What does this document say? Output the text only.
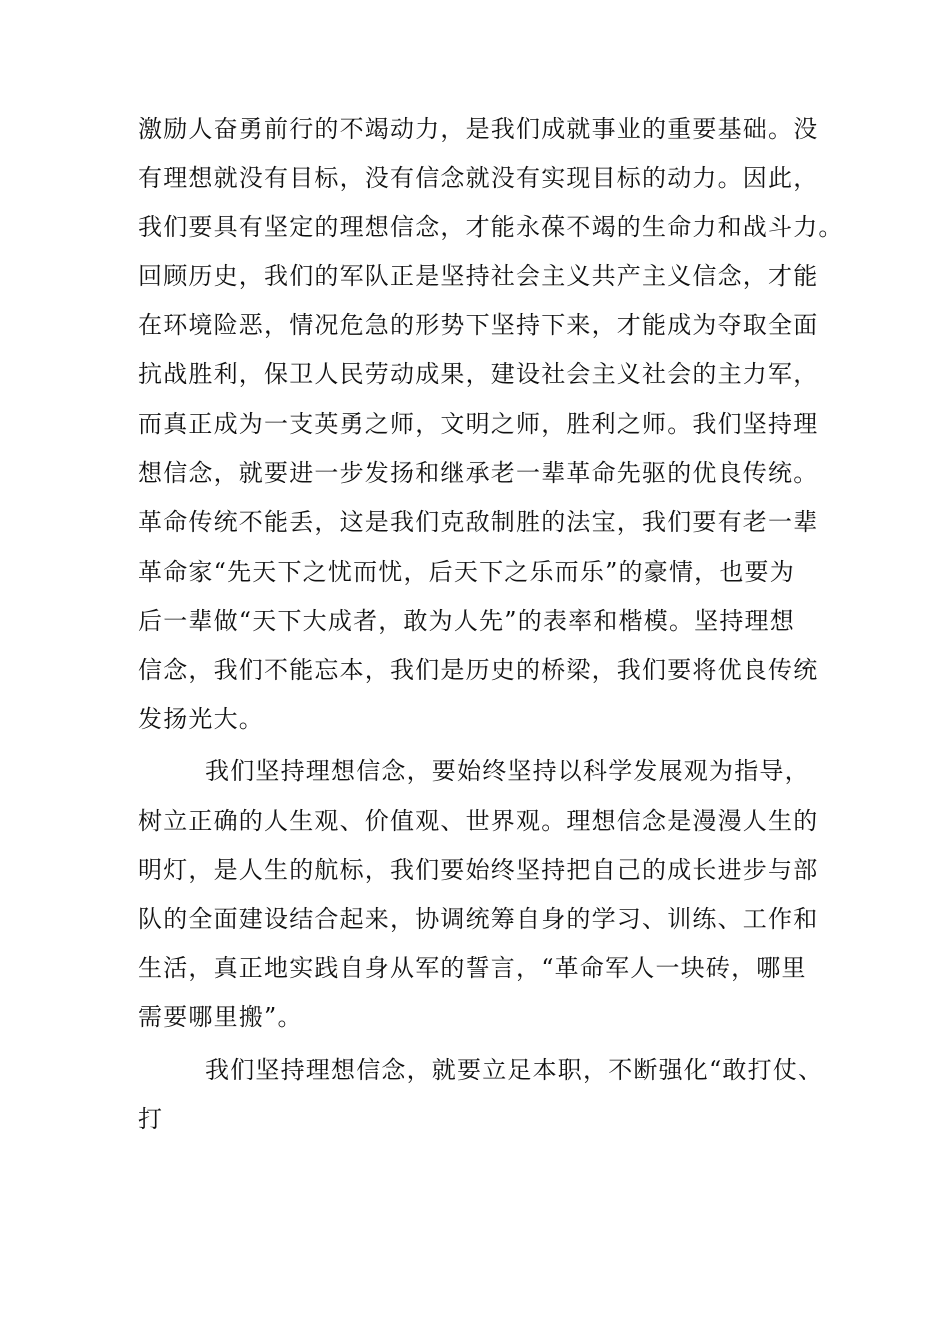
激励人奋勇前行的不竭动力，是我们成就事业的重要基础。没
有理想就没有目标，没有信念就没有实现目标的动力。因此，
我们要具有坚定的理想信念，才能永葆不竭的生命力和战斗力。
回顾历史，我们的军队正是坚持社会主义共产主义信念，才能
在环境险恶，情况危急的形势下坚持下来，才能成为夺取全面
抗战胜利，保卫人民劳动成果，建设社会主义社会的主力军，
而真正成为一支英勇之师，文明之师，胜利之师。我们坚持理
想信念，就要进一步发扬和继承老一辈革命先驱的优良传统。
革命传统不能丢，这是我们克敌制胜的法宝，我们要有老一辈
革命家“先天下之忧而忧，后天下之乐而乐”的豪情，也要为
后一辈做“天下大成者，敢为人先”的表率和楷模。坚持理想
信念，我们不能忘本，我们是历史的桥梁，我们要将优良传统
发扬光大。
我们坚持理想信念，要始终坚持以科学发展观为指导，
树立正确的人生观、价值观、世界观。理想信念是漫漫人生的
明灯，是人生的航标，我们要始终坚持把自己的成长进步与部
队的全面建设结合起来，协调统筹自身的学习、训练、工作和
生活，真正地实践自身从军的誓言，“革命军人一块砖，哪里
需要哪里搬”。
我们坚持理想信念，就要立足本职，不断强化“敢打仗、
打
